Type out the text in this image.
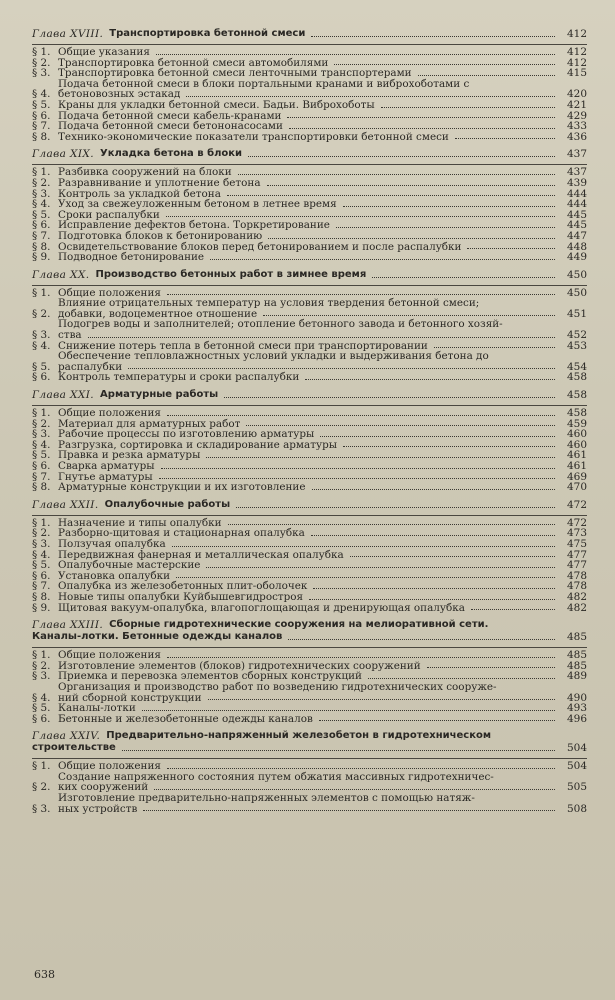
Глава XVIII. Транспортировка бетонной смеси	412
§ 1. Общие указания	412
§ 2. Транспортировка бетонной смеси автомобилями	412
§ 3. Транспортировка бетонной смеси ленточными транспортерами	415
§ 4.
Подача бетонной смеси в блоки портальными кранами и виброхоботами с
бетоновозных эстакад	420
§ 5. Краны для укладки бетонной смеси. Бадьи. Виброхоботы	421
§ 6. Подача бетонной смеси кабель-кранами	429
§ 7. Подача бетонной смеси бетононасосами	433
§ 8. Технико-экономические показатели транспортировки бетонной смеси	436
Глава XIX. Укладка бетона в блоки	437
§ 1. Разбивка сооружений на блоки	437
§ 2. Разравнивание и уплотнение бетона	439
§ 3. Контроль за укладкой бетона	444
§ 4. Уход за свежеуложенным бетоном в летнее время	444
§ 5. Сроки распалубки	445
§ 6. Исправление дефектов бетона. Торкретирование	445
§ 7. Подготовка блоков к бетонированию	447
§ 8. Освидетельствование блоков перед бетонированием и после распалубки	448
§ 9. Подводное бетонирование	449
Глава XX. Производство бетонных работ в зимнее время	450
§ 1. Общие положения	450
§ 2.
Влияние отрицательных температур на условия твердения бетонной смеси;
добавки, водоцементное отношение	451
§ 3.
Подогрев воды и заполнителей; отопление бетонного завода и бетонного хозяй-
ства	452
§ 4. Снижение потерь тепла в бетонной смеси при транспортировании	453
§ 5.
Обеспечение тепловлажностных условий укладки и выдерживания бетона до
распалубки	454
§ 6. Контроль температуры и сроки распалубки	458
Глава XXI. Арматурные работы	458
§ 1. Общие положения	458
§ 2. Материал для арматурных работ	459
§ 3. Рабочие процессы по изготовлению арматуры	460
§ 4. Разгрузка, сортировка и складирование арматуры	460
§ 5. Правка и резка арматуры	461
§ 6. Сварка арматуры	461
§ 7. Гнутье арматуры	469
§ 8. Арматурные конструкции и их изготовление	470
Глава XXII. Опалубочные работы	472
§ 1. Назначение и типы опалубки	472
§ 2. Разборно-щитовая и стационарная опалубка	473
§ 3. Ползучая опалубка	475
§ 4. Передвижная фанерная и металлическая опалубка	477
§ 5. Опалубочные мастерские	477
§ 6. Установка опалубки	478
§ 7. Опалубка из железобетонных плит-оболочек	478
§ 8. Новые типы опалубки Куйбышевгидростроя	482
§ 9. Щитовая вакуум-опалубка, влагопоглощающая и дренирующая опалубка	482
Глава XXIII. Сборные гидротехнические сооружения на мелиоративной сети.
Каналы-лотки. Бетонные одежды каналов	485
§ 1. Общие положения	485
§ 2. Изготовление элементов (блоков) гидротехнических сооружений	485
§ 3. Приемка и перевозка элементов сборных конструкций	489
§ 4.
Организация и производство работ по возведению гидротехнических сооруже-
ний сборной конструкции	490
§ 5. Каналы-лотки	493
§ 6. Бетонные и железобетонные одежды каналов	496
Глава XXIV. Предварительно-напряженный железобетон в гидротехническом
строительстве	504
§ 1. Общие положения	504
§ 2.
Создание напряженного состояния путем обжатия массивных гидротехничес-
ких сооружений	505
§ 3.
Изготовление предварительно-напряженных элементов с помощью натяж-
ных устройств	508
638
